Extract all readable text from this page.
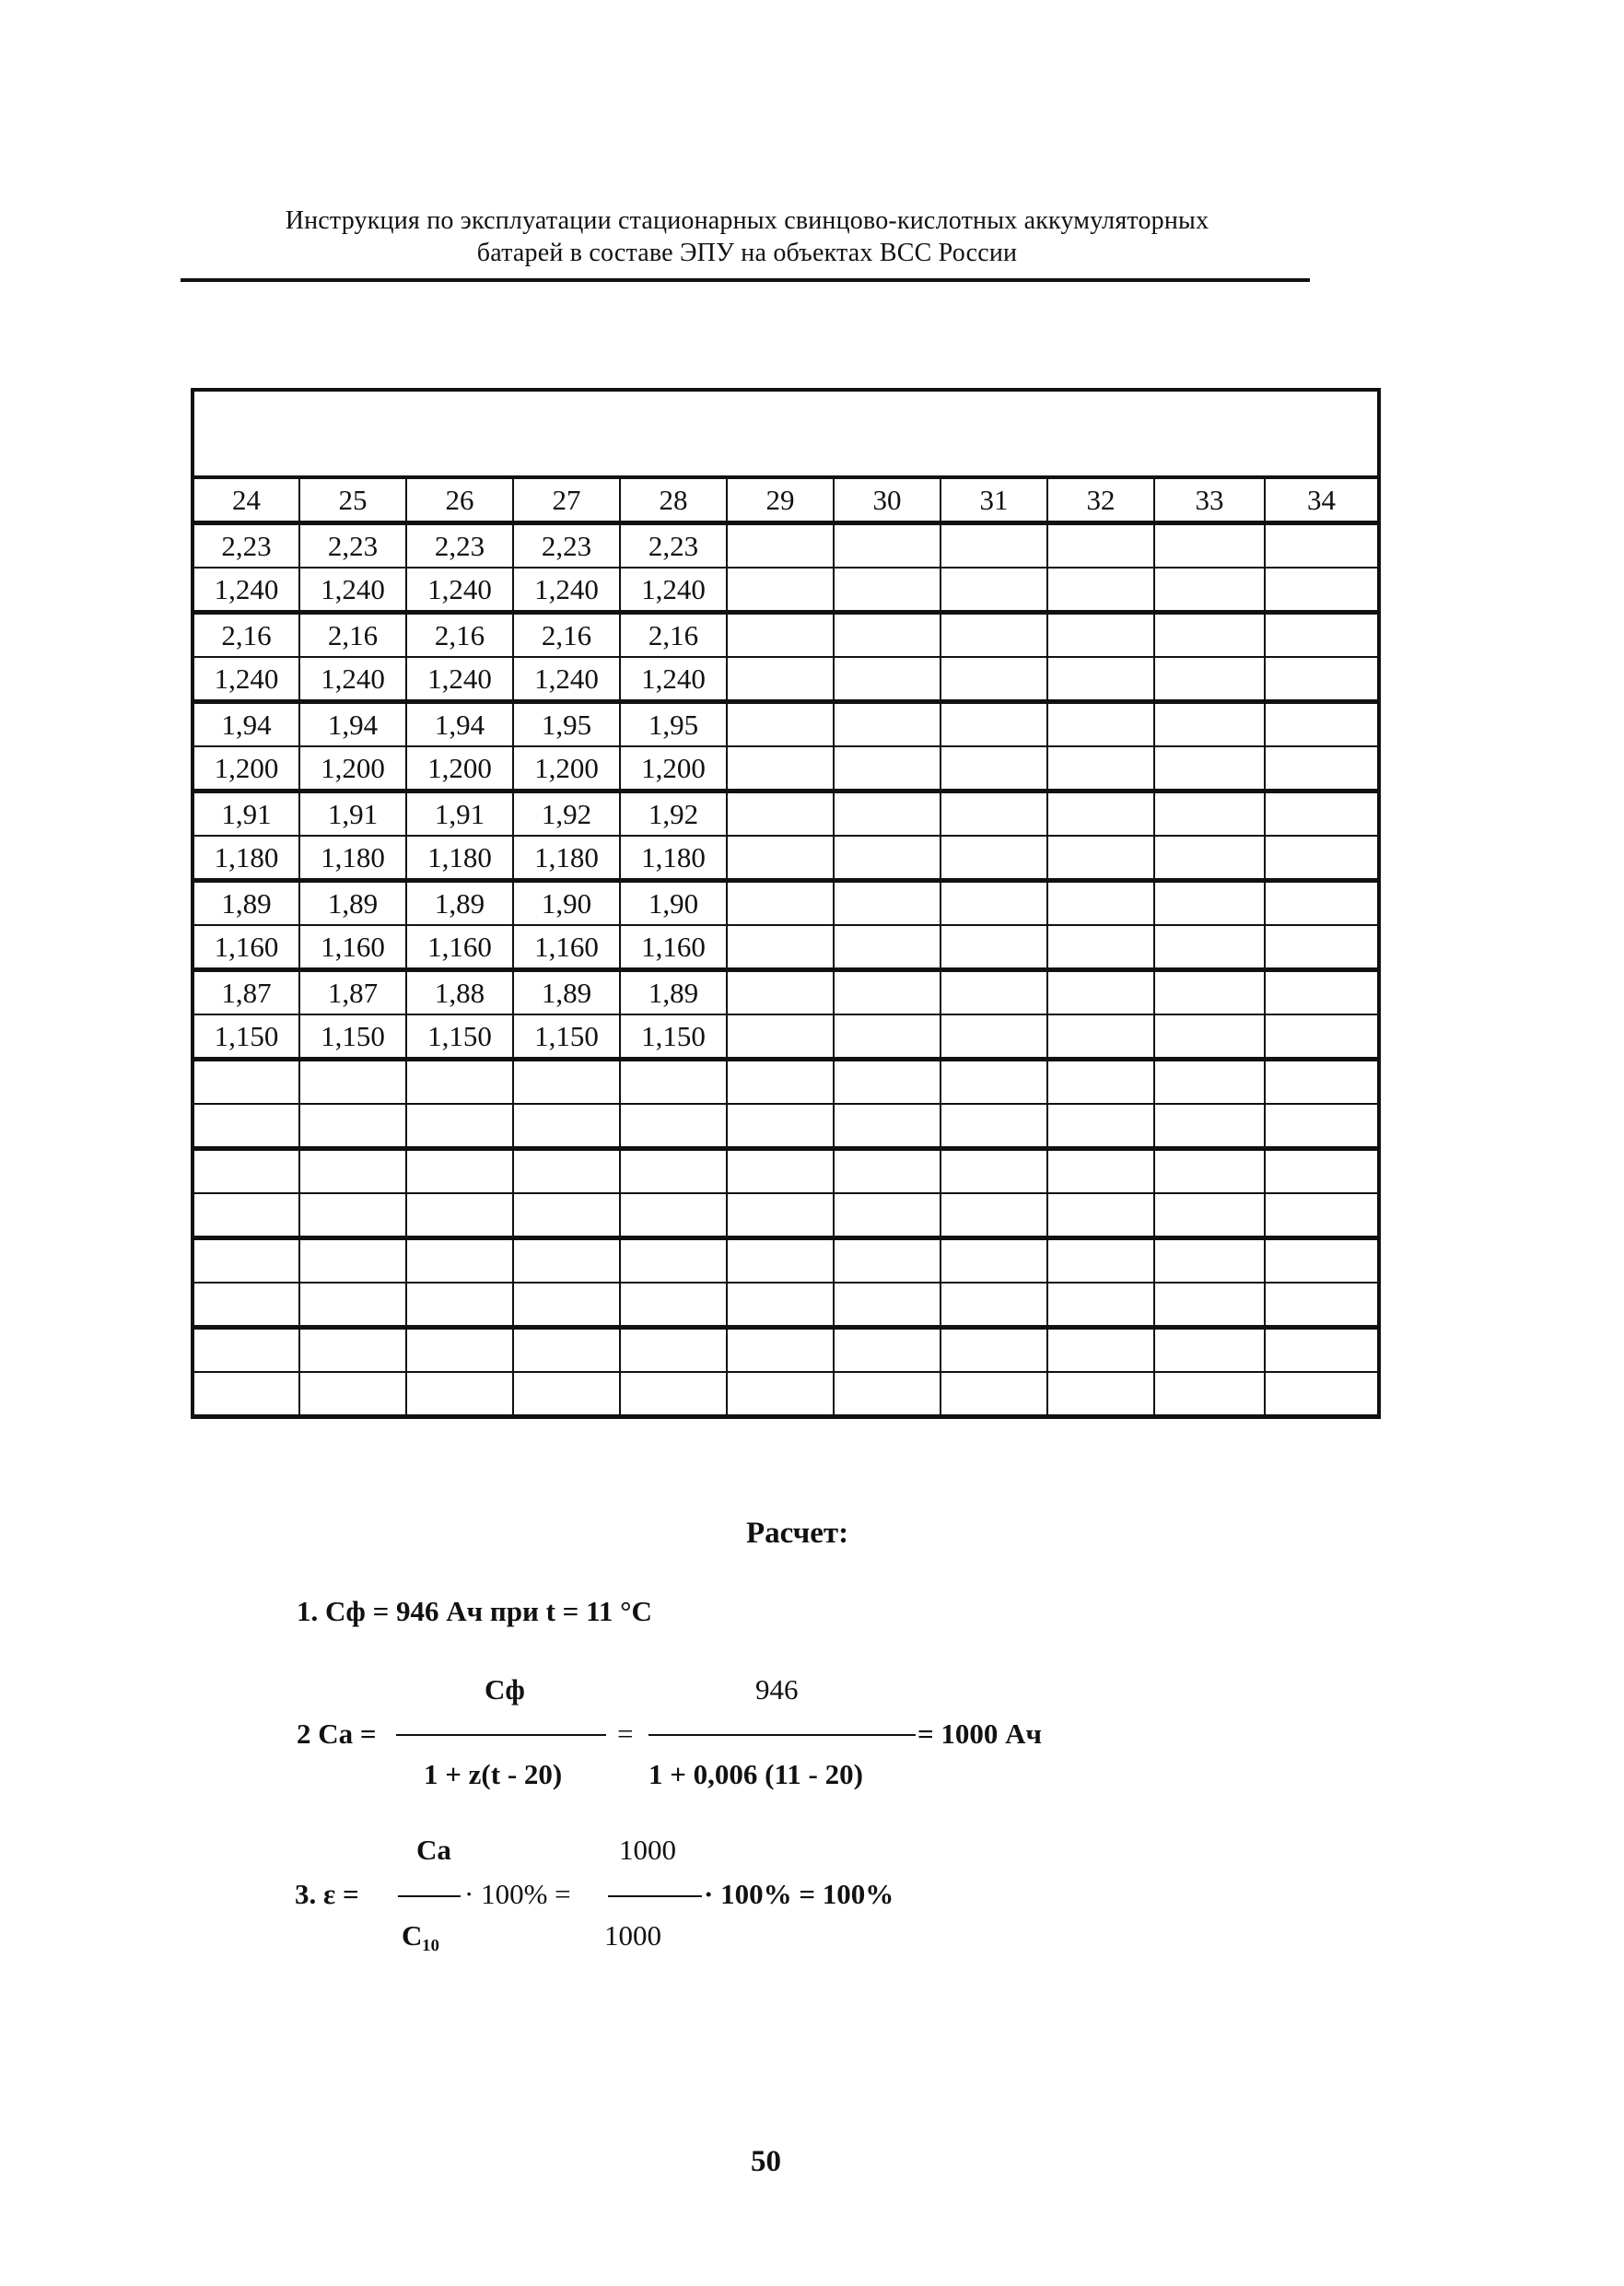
Инструкция по эксплуатации стационарных свинцово-кислотных аккумуляторных
батарей в составе ЭПУ на объектах ВСС России

24	25	26	27	28	29	30	31	32	33	34
2,23	2,23	2,23	2,23	2,23						
1,240	1,240	1,240	1,240	1,240						
2,16	2,16	2,16	2,16	2,16						
1,240	1,240	1,240	1,240	1,240						
1,94	1,94	1,94	1,95	1,95						
1,200	1,200	1,200	1,200	1,200						
1,91	1,91	1,91	1,92	1,92						
1,180	1,180	1,180	1,180	1,180						
1,89	1,89	1,89	1,90	1,90						
1,160	1,160	1,160	1,160	1,160						
1,87	1,87	1,88	1,89	1,89						
1,150	1,150	1,150	1,150	1,150						

Расчет:
1. Cф = 946 Ач при t = 11 °С
2 Cа =
Cф
1 + z(t - 20)
=
946
1 + 0,006 (11 - 20)
= 1000 Ач
3. ε =
Cа
C₁₀
· 100% =
1000
1000
· 100% = 100%
50
